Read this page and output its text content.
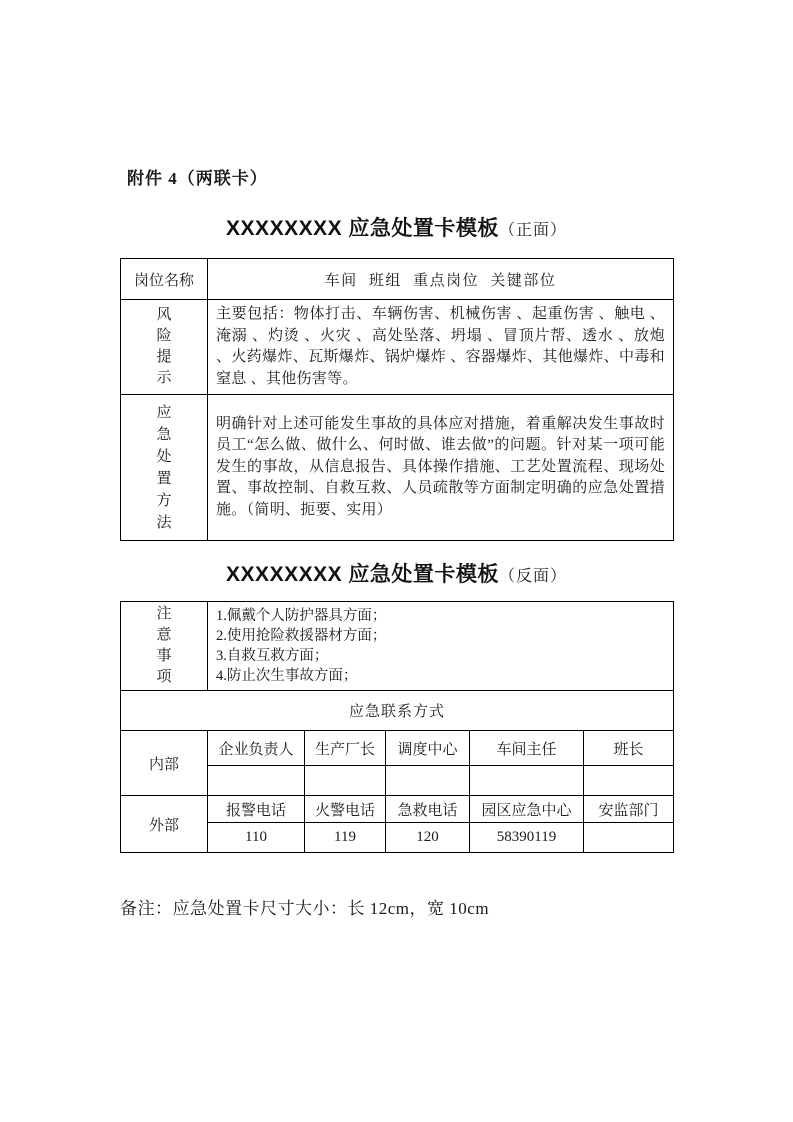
附件 4（两联卡）
XXXXXXXX 应急处置卡模板（正面）
岗位名称	车间 班组 重点岗位 关键部位
风险提示	主要包括：物体打击、车辆伤害、机械伤害 、起重伤害 、触电 、淹溺 、灼烫 、火灾 、高处坠落、坍塌 、冒顶片帮、透水 、放炮 、火药爆炸、瓦斯爆炸、锅炉爆炸 、容器爆炸、其他爆炸、中毒和窒息 、其他伤害等。
应急处置方法	明确针对上述可能发生事故的具体应对措施，着重解决发生事故时员工“怎么做、做什么、何时做、谁去做”的问题。针对某一项可能发生的事故，从信息报告、具体操作措施、工艺处置流程、现场处置、事故控制、自救互救、人员疏散等方面制定明确的应急处置措施。（简明、扼要、实用）
XXXXXXXX 应急处置卡模板（反面）
注意事项	1.佩戴个人防护器具方面；
2.使用抢险救援器材方面；
3.自救互救方面；
4.防止次生事故方面；				

应急联系方式					
内部	企业负责人	生产厂长	调度中心	车间主任	班长

外部	报警电话	火警电话	急救电话	园区应急中心	安监部门
	110	119	120	58390119	
备注：应急处置卡尺寸大小：长 12cm，宽 10cm
